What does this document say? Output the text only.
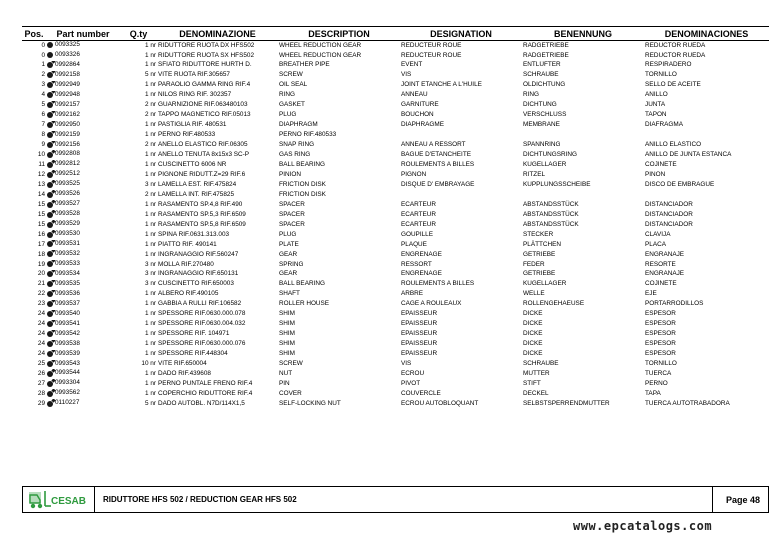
Pos.	Part number	Q.ty	DENOMINAZIONE	DESCRIPTION	DESIGNATION	BENENNUNG	DENOMINACIONES
0	0093325	1 nr	RIDUTTORE RUOTA DX HFS502	WHEEL REDUCTION GEAR	REDUCTEUR ROUE	RADGETRIEBE	REDUCTOR RUEDA
0	0093326	1 nr	RIDUTTORE RUOTA SX HFS502	WHEEL REDUCTION GEAR	REDUCTEUR ROUE	RADGETRIEBE	REDUCTOR RUEDA
1	0992864	1 nr	SFIATO RIDUTTORE HURTH D.	BREATHER PIPE	EVENT	ENTLÜFTER	RESPIRADERO
2	0992158	5 nr	VITE RUOTA RIF.305657	SCREW	VIS	SCHRAUBE	TORNILLO
3	0992949	1 nr	PARAOLIO GAMMA RING RIF.4	OIL SEAL	JOINT ETANCHE A L'HUILE	ÖLDICHTUNG	SELLO DE ACEITE
4	0992948	1 nr	NILOS RING RIF. 302357	RING	ANNEAU	RING	ANILLO
5	0992157	2 nr	GUARNIZIONE RIF.063480103	GASKET	GARNITURE	DICHTUNG	JUNTA
6	0992162	2 nr	TAPPO MAGNETICO RIF.05013	PLUG	BOUCHON	VERSCHLUSS	TAPON
7	0992950	1 nr	PASTIGLIA RIF. 480531	DIAPHRAGM	DIAPHRAGME	MEMBRANE	DIAFRAGMA
8	0992159	1 nr	PERNO RIF.480533	PERNO RIF.480533			
9	0992156	2 nr	ANELLO ELASTICO RIF.06305	SNAP RING	ANNEAU A RESSORT	SPANNRING	ANILLO ELASTICO
10	0992808	1 nr	ANELLO TENUTA 8x15x3 SC-P	GAS RING	BAGUE D'ETANCHEITE	DICHTUNGSRING	ANILLO DE JUNTA ESTANCA
11	0992812	1 nr	CUSCINETTO 6006 NR	BALL BEARING	ROULEMENTS A BILLES	KUGELLAGER	COJINETE
12	0992512	1 nr	PIGNONE RIDUTT.Z=29 RIF.6	PINION	PIGNON	RITZEL	PINON
13	0993525	3 nr	LAMELLA EST. RIF.475824	FRICTION DISK	DISQUE D' EMBRAYAGE	KUPPLUNGSSCHEIBE	DISCO DE EMBRAGUE
14	0993526	2 nr	LAMELLA INT. RIF.475825	FRICTION DISK			
15	0993527	1 nr	RASAMENTO SP.4,8 RIF.490	SPACER	ECARTEUR	ABSTANDSSTÜCK	DISTANCIADOR
15	0993528	1 nr	RASAMENTO SP.5,3 RIF.6509	SPACER	ECARTEUR	ABSTANDSSTÜCK	DISTANCIADOR
15	0993529	1 nr	RASAMENTO SP.5,8 RIF.6509	SPACER	ECARTEUR	ABSTANDSSTÜCK	DISTANCIADOR
16	0993530	1 nr	SPINA RIF.0631.313.003	PLUG	GOUPILLE	STECKER	CLAVIJA
17	0993531	1 nr	PIATTO RIF. 490141	PLATE	PLAQUE	PLÄTTCHEN	PLACA
18	0993532	1 nr	INGRANAGGIO RIF.560247	GEAR	ENGRENAGE	GETRIEBE	ENGRANAJE
19	0993533	3 nr	MOLLA RIF.270480	SPRING	RESSORT	FEDER	RESORTE
20	0993534	3 nr	INGRANAGGIO RIF.650131	GEAR	ENGRENAGE	GETRIEBE	ENGRANAJE
21	0993535	3 nr	CUSCINETTO RIF.650003	BALL BEARING	ROULEMENTS A BILLES	KUGELLAGER	COJINETE
22	0993536	1 nr	ALBERO RIF.490105	SHAFT	ARBRE	WELLE	EJE
23	0993537	1 nr	GABBIA A RULLI RIF.106582	ROLLER HOUSE	CAGE A ROULEAUX	ROLLENGEHAEUSE	PORTARRODILLOS
24	0993540	1 nr	SPESSORE RIF.0630.000.078	SHIM	EPAISSEUR	DICKE	ESPESOR
24	0993541	1 nr	SPESSORE RIF.0630.004.032	SHIM	EPAISSEUR	DICKE	ESPESOR
24	0993542	1 nr	SPESSORE RIF. 104971	SHIM	EPAISSEUR	DICKE	ESPESOR
24	0993538	1 nr	SPESSORE RIF.0630.000.076	SHIM	EPAISSEUR	DICKE	ESPESOR
24	0993539	1 nr	SPESSORE RIF.448304	SHIM	EPAISSEUR	DICKE	ESPESOR
25	0993543	10 nr	VITE RIF.650004	SCREW	VIS	SCHRAUBE	TORNILLO
26	0993544	1 nr	DADO RIF.439608	NUT	ECROU	MUTTER	TUERCA
27	0993304	1 nr	PERNO PUNTALE FRENO RIF.4	PIN	PIVOT	STIFT	PERNO
28	0993562	1 nr	COPERCHIO RIDUTTORE RIF.4	COVER	COUVERCLE	DECKEL	TAPA
29	0110227	5 nr	DADO AUTOBL. N7D/114X1,5	SELF-LOCKING NUT	ECROU AUTOBLOQUANT	SELBSTSPERRENDMUTTER	TUERCA AUTOTRABADORA
CESAB RIDUTTORE HFS 502 / REDUCTION GEAR HFS 502	Page 48
www.epcatalogs.com
